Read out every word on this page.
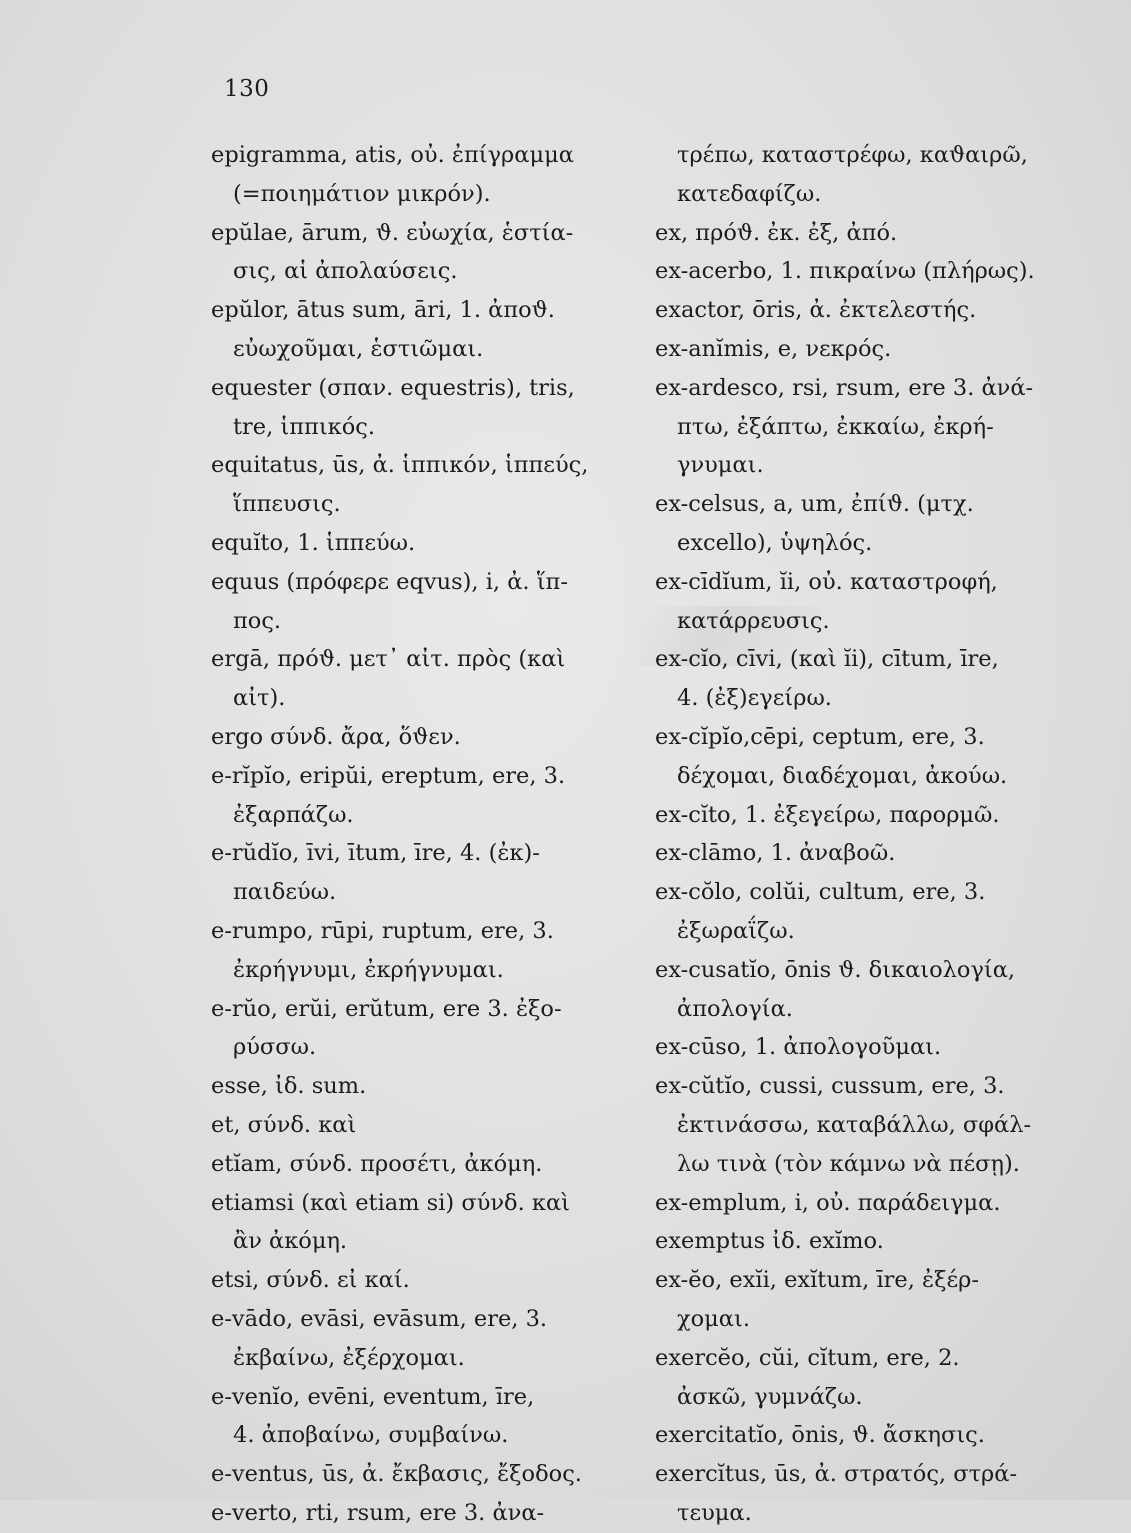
130

epigramma, atis, οὐ. ἐπίγραμμα
(=ποιημάτιον μικρόν).
epŭlae, ārum, ϑ. εὐωχία, ἑστία-
σις, αἱ ἀπολαύσεις.
epŭlor, ātus sum, āri, 1. ἀποϑ.
εὐωχοῦμαι, ἑστιῶμαι.
equester (σπαν. equestris), tris,
tre, ἱππικός.
equitatus, ūs, ἀ. ἱππικόν, ἱππεύς,
ἵππευσις.
equĭto, 1. ἱππεύω.
equus (πρόφερε eqvus), i, ἀ. ἵπ-
πος.
ergā, πρόϑ. μετ᾽ αἰτ. πρὸς (καὶ
αἰτ).
ergo σύνδ. ἄρα, ὅϑεν.
e-rĭpĭo, eripŭi, ereptum, ere, 3.
ἐξαρπάζω.
e-rŭdĭo, īvi, ītum, īre, 4. (ἐκ)-
παιδεύω.
e-rumpo, rūpi, ruptum, ere, 3.
ἐκρήγνυμι, ἐκρήγνυμαι.
e-rŭo, erŭi, erŭtum, ere 3. ἐξο-
ρύσσω.
esse, ἰδ. sum.
et, σύνδ. καὶ
etĭam, σύνδ. προσέτι, ἀκόμη.
etiamsi (καὶ etiam si) σύνδ. καὶ
ἂν ἀκόμη.
etsi, σύνδ. εἰ καί.
e-vādo, evāsi, evāsum, ere, 3.
ἐκβαίνω, ἐξέρχομαι.
e-venĭo, evēni, eventum, īre,
4. ἀποβαίνω, συμβαίνω.
e-ventus, ūs, ἀ. ἔκβασις, ἔξοδος.
e-verto, rti, rsum, ere 3. ἀνα-
τρέπω, καταστρέφω, καϑαιρῶ,
κατεδαφίζω.
ex, πρόϑ. ἐκ. ἐξ, ἀπό.
ex-acerbo, 1. πικραίνω (πλήρως).
exactor, ōris, ἀ. ἐκτελεστής.
ex-anĭmis, e, νεκρός.
ex-ardesco, rsi, rsum, ere 3. ἀνά-
πτω, ἐξάπτω, ἐκκαίω, ἐκρή-
γνυμαι.
ex-celsus, a, um, ἐπίϑ. (μτχ.
excello), ὑψηλός.
ex-cīdĭum, ĭi, οὐ. καταστροφή,
κατάρρευσις.
ex-cĭo, cīvi, (καὶ ĭi), cītum, īre,
4. (ἐξ)εγείρω.
ex-cĭpĭo,cēpi, ceptum, ere, 3.
δέχομαι, διαδέχομαι, ἀκούω.
ex-cĭto, 1. ἐξεγείρω, παρορμῶ.
ex-clāmo, 1. ἀναβοῶ.
ex-cŏlo, colŭi, cultum, ere, 3.
ἐξωραΐζω.
ex-cusatĭo, ōnis ϑ. δικαιολογία,
ἀπολογία.
ex-cūso, 1. ἀπολογοῦμαι.
ex-cŭtĭo, cussi, cussum, ere, 3.
ἐκτινάσσω, καταβάλλω, σφάλ-
λω τινὰ (τὸν κάμνω νὰ πέσῃ).
ex-emplum, i, οὐ. παράδειγμα.
exemptus ἰδ. exĭmo.
ex-ĕo, exĭi, exĭtum, īre, ἐξέρ-
χομαι.
exercĕo, cŭi, cĭtum, ere, 2.
ἀσκῶ, γυμνάζω.
exercitatĭo, ōnis, ϑ. ἄσκησις.
exercĭtus, ūs, ἀ. στρατός, στρά-
τευμα.
